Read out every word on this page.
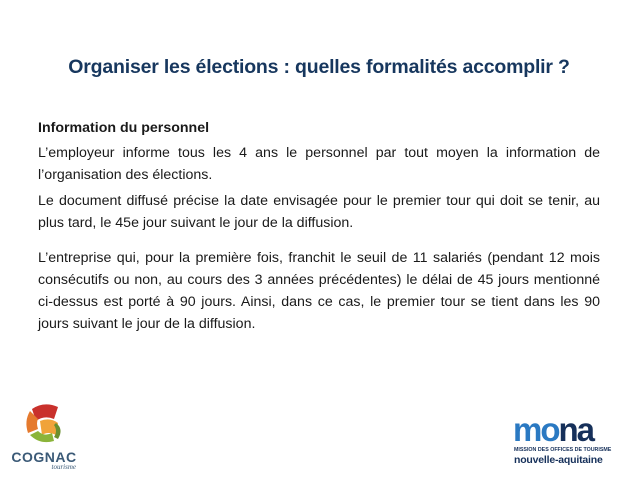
Organiser les élections : quelles formalités accomplir ?

Information du personnel

L’employeur informe tous les 4 ans le personnel par tout moyen la information de l’organisation des élections.

Le document diffusé précise la date envisagée pour le premier tour qui doit se tenir, au plus tard, le 45e jour suivant le jour de la diffusion.

L’entreprise qui, pour la première fois, franchit le seuil de 11 salariés (pendant 12 mois consécutifs ou non, au cours des 3 années précédentes) le délai de 45 jours mentionné ci-dessus est porté à 90 jours. Ainsi, dans ce cas, le premier tour se tient dans les 90 jours suivant le jour de la diffusion.

COGNAC
tourisme
mona
MISSION DES OFFICES DE TOURISME
nouvelle-aquitaine
